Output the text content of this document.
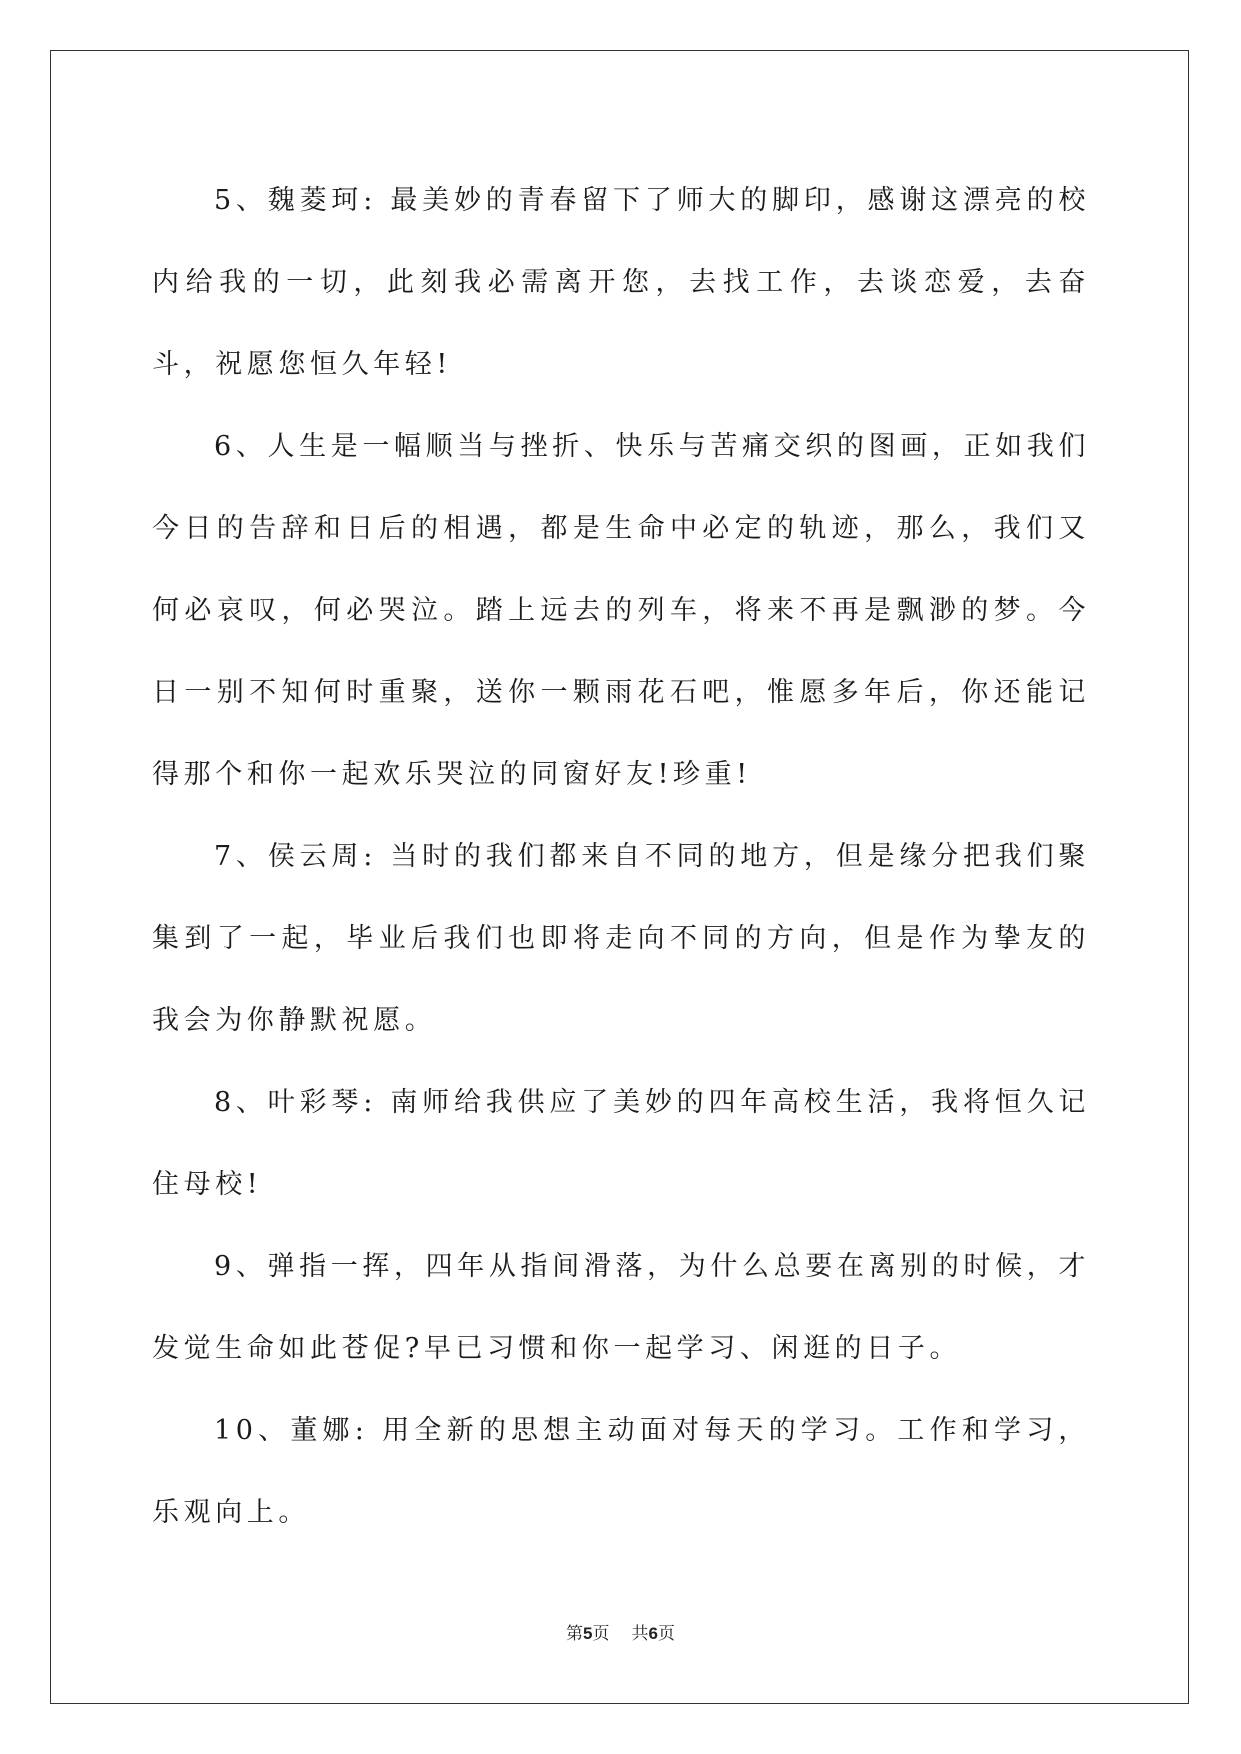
5、魏菱珂: 最美妙的青春留下了师大的脚印，感谢这漂亮的校内给我的一切，此刻我必需离开您，去找工作，去谈恋爱，去奋斗，祝愿您恒久年轻!

6、人生是一幅顺当与挫折、快乐与苦痛交织的图画，正如我们今日的告辞和日后的相遇，都是生命中必定的轨迹，那么，我们又何必哀叹，何必哭泣。踏上远去的列车，将来不再是飘渺的梦。今日一别不知何时重聚，送你一颗雨花石吧，惟愿多年后，你还能记得那个和你一起欢乐哭泣的同窗好友!珍重!

7、侯云周: 当时的我们都来自不同的地方，但是缘分把我们聚集到了一起，毕业后我们也即将走向不同的方向，但是作为挚友的我会为你静默祝愿。

8、叶彩琴: 南师给我供应了美妙的四年高校生活，我将恒久记住母校!

9、弹指一挥，四年从指间滑落，为什么总要在离别的时候，才发觉生命如此苍促?早已习惯和你一起学习、闲逛的日子。

10、董娜: 用全新的思想主动面对每天的学习。工作和学习，乐观向上。

第5页 共6页
